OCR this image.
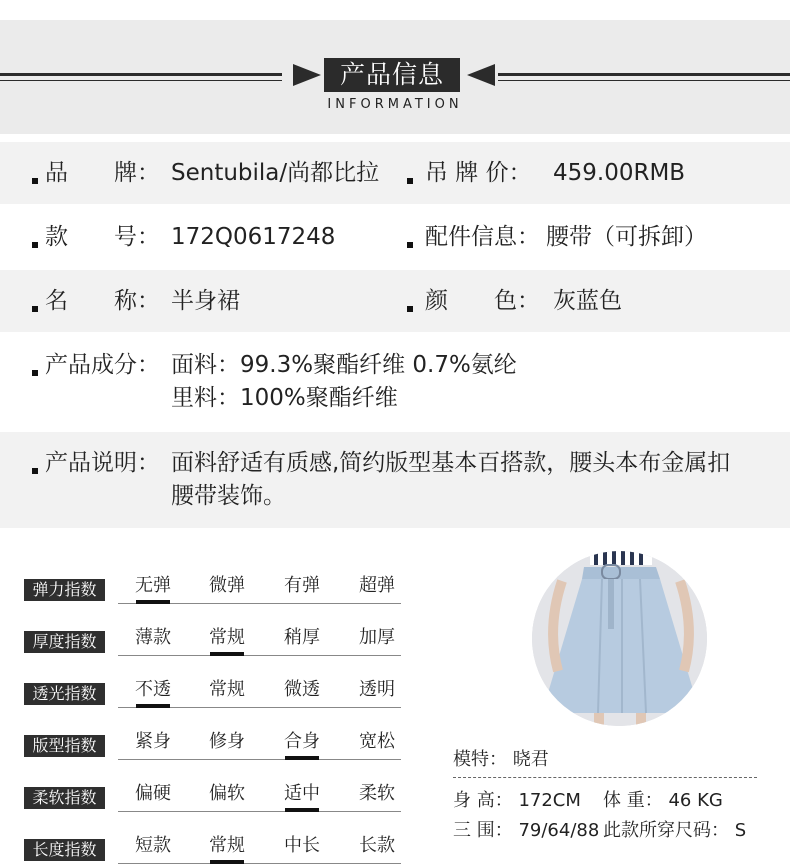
产品信息
INFORMATION
品　　牌： Sentubila/尚都比拉 吊 牌 价： 459.00RMB
款　　号： 172Q0617248	配件信息： 腰带（可拆卸）
名　　称： 半身裙	颜　　色： 灰蓝色
产品成分： 面料：99.3%聚酯纤维 0.7%氨纶
里料：100%聚酯纤维
产品说明： 面料舒适有质感,简约版型基本百搭款，腰头本布金属扣
腰带装饰。
弹力指数	无弹	微弹	有弹	超弹
厚度指数	薄款	常规	稍厚	加厚
透光指数	不透	常规	微透	透明
版型指数	紧身	修身	合身	宽松
柔软指数	偏硬	偏软	适中	柔软
长度指数	短款	常规	中长	长款
模特： 晓君
身 高： 172CM 体 重： 46 KG
三 围： 79/64/88 此款所穿尺码： S
